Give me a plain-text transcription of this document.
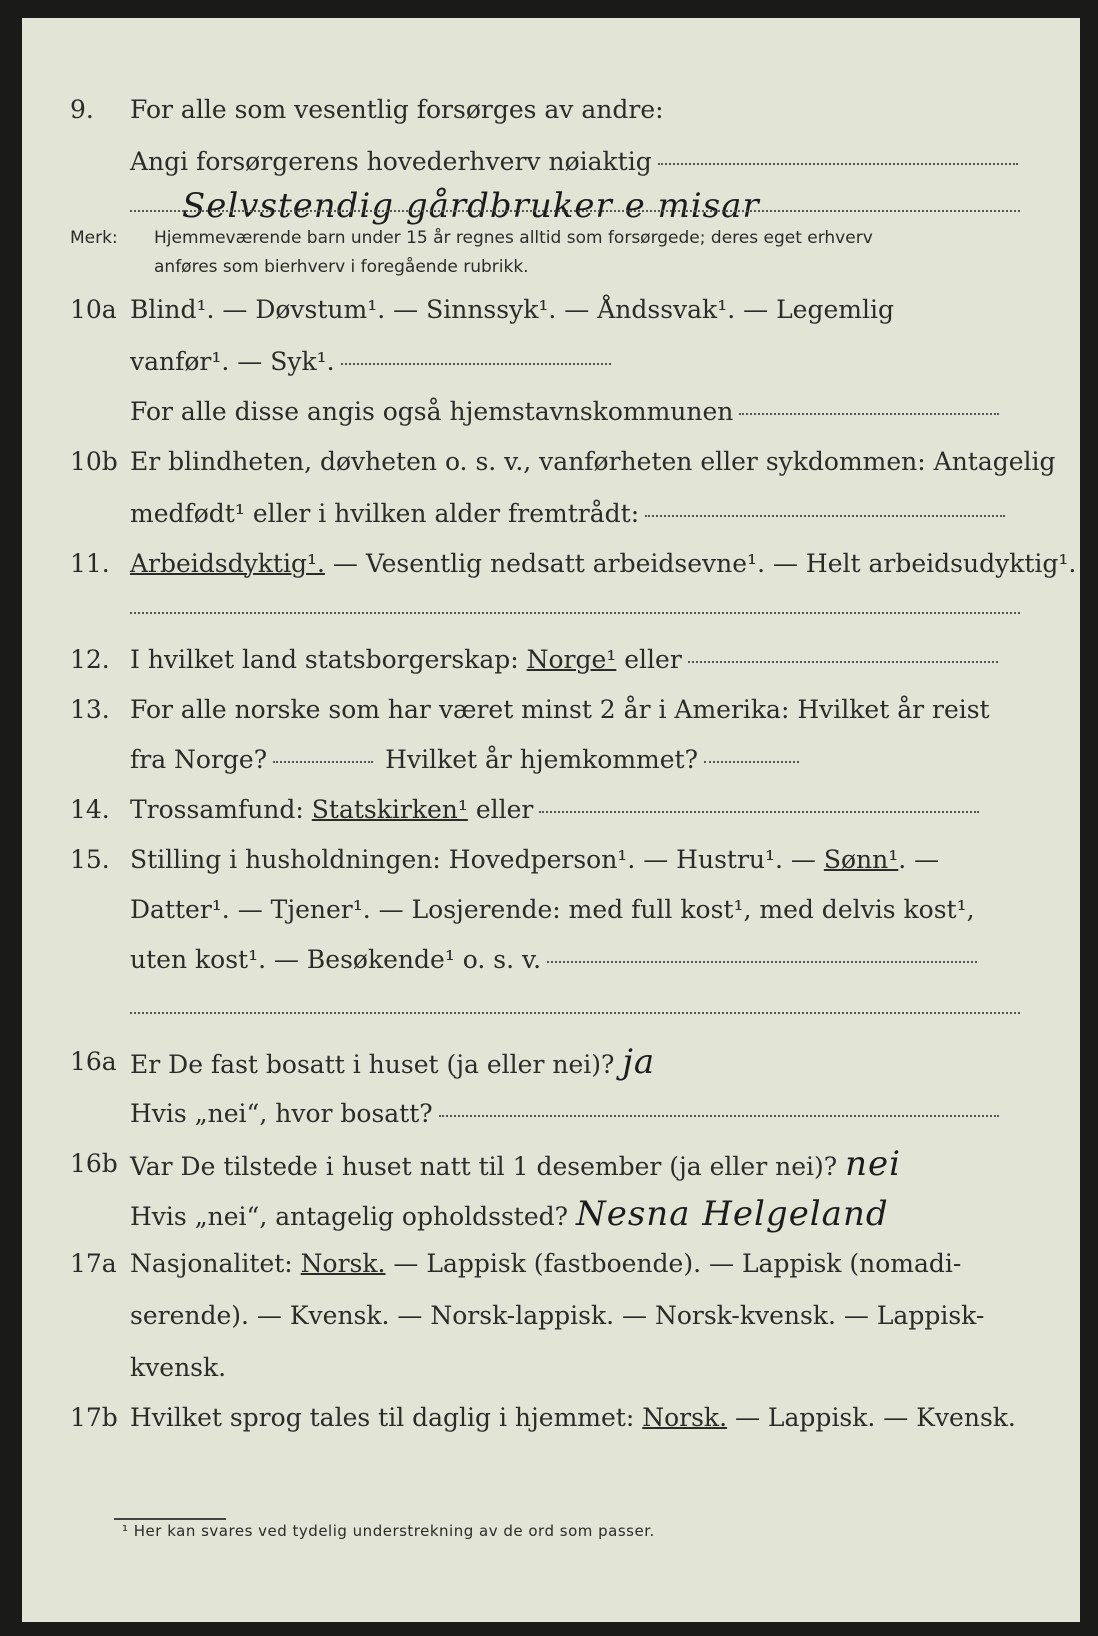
9. For alle som vesentlig forsørges av andre:
Angi forsørgerens hovederhverv nøiaktig
Selvstendig gårdbruker e misar
Merk: Hjemmeværende barn under 15 år regnes alltid som forsørgede; deres eget erhverv
anføres som bierhverv i foregående rubrikk.
10a Blind¹. — Døvstum¹. — Sinnssyk¹. — Åndssvak¹. — Legemlig
vanfør¹. — Syk¹.
For alle disse angis også hjemstavnskommunen
10b Er blindheten, døvheten o. s. v., vanførheten eller sykdommen: Antagelig
medfødt¹ eller i hvilken alder fremtrådt:
11. Arbeidsdyktig¹. — Vesentlig nedsatt arbeidsevne¹. — Helt arbeidsudyktig¹.
12. I hvilket land statsborgerskap: Norge¹ eller
13. For alle norske som har været minst 2 år i Amerika: Hvilket år reist
fra Norge?	Hvilket år hjemkommet?
14. Trossamfund: Statskirken¹ eller
15. Stilling i husholdningen: Hovedperson¹. — Hustru¹. — Sønn¹. —
Datter¹. — Tjener¹. — Losjerende: med full kost¹, med delvis kost¹,
uten kost¹. — Besøkende¹ o. s. v.
16a Er De fast bosatt i huset (ja eller nei)? ja
Hvis „nei“, hvor bosatt?
16b Var De tilstede i huset natt til 1 desember (ja eller nei)? nei
Hvis „nei“, antagelig opholdssted? Nesna Helgeland
17a Nasjonalitet: Norsk. — Lappisk (fastboende). — Lappisk (nomadi-
serende). — Kvensk. — Norsk-lappisk. — Norsk-kvensk. — Lappisk-
kvensk.
17b Hvilket sprog tales til daglig i hjemmet: Norsk. — Lappisk. — Kvensk.
¹ Her kan svares ved tydelig understrekning av de ord som passer.
